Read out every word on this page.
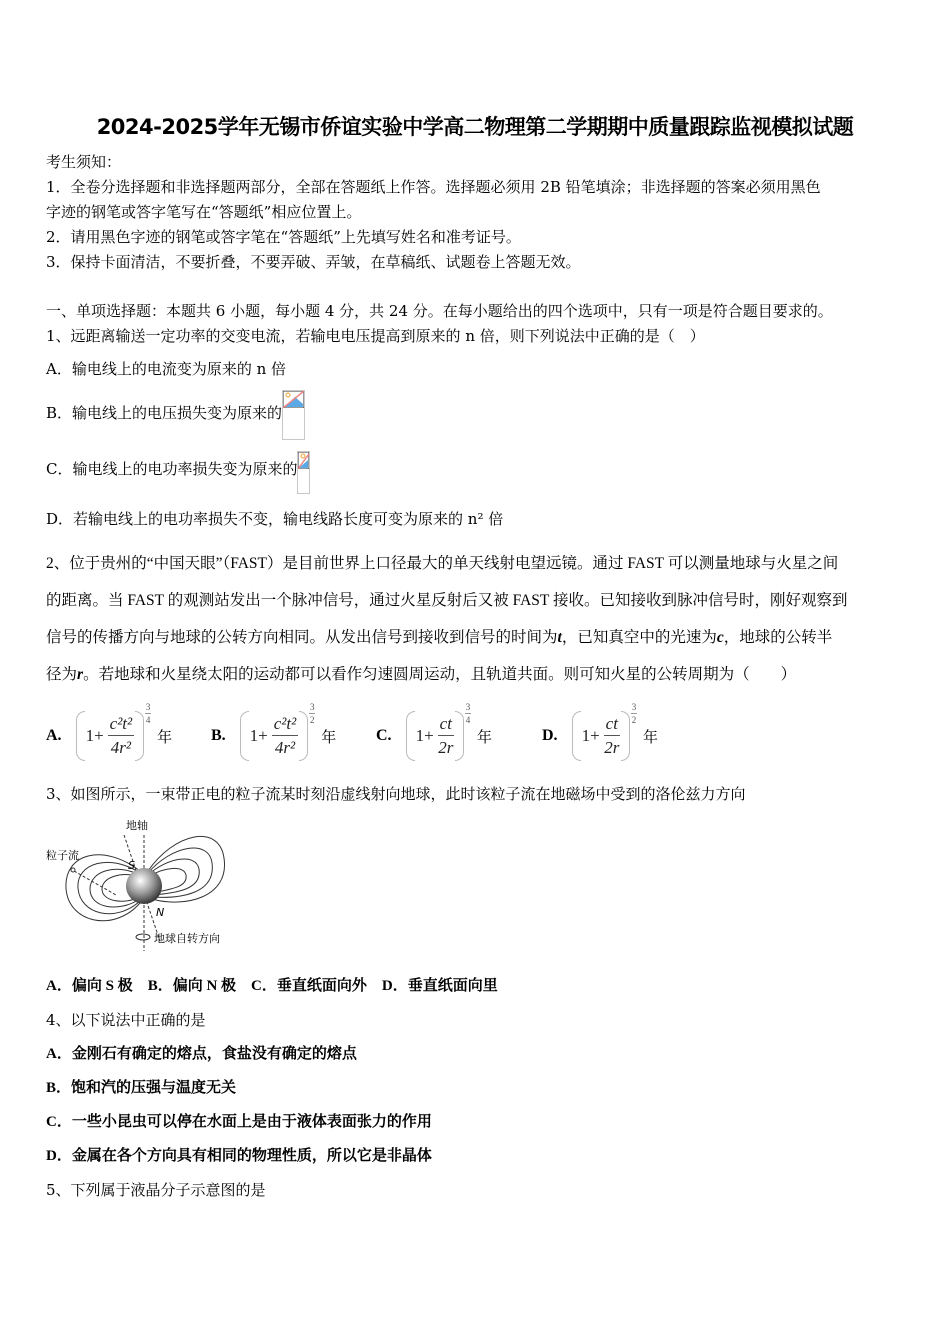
2024-2025学年无锡市侨谊实验中学高二物理第二学期期中质量跟踪监视模拟试题
考生须知：
1．全卷分选择题和非选择题两部分，全部在答题纸上作答。选择题必须用 2B 铅笔填涂；非选择题的答案必须用黑色
字迹的钢笔或答字笔写在“答题纸”相应位置上。
2．请用黑色字迹的钢笔或答字笔在“答题纸”上先填写姓名和准考证号。
3．保持卡面清洁，不要折叠，不要弄破、弄皱，在草稿纸、试题卷上答题无效。
一、单项选择题：本题共 6 小题，每小题 4 分，共 24 分。在每小题给出的四个选项中，只有一项是符合题目要求的。
1、远距离输送一定功率的交变电流，若输电电压提高到原来的 n 倍，则下列说法中正确的是（　）
A．输电线上的电流变为原来的 n 倍
B．输电线上的电压损失变为原来的
C．输电线上的电功率损失变为原来的
D．若输电线上的电功率损失不变，输电线路长度可变为原来的 n² 倍
2、位于贵州的“中国天眼”（FAST）是目前世界上口径最大的单天线射电望远镜。通过 FAST 可以测量地球与火星之间
的距离。当 FAST 的观测站发出一个脉冲信号，通过火星反射后又被 FAST 接收。已知接收到脉冲信号时，刚好观察到
信号的传播方向与地球的公转方向相同。从发出信号到接收到信号的时间为t，已知真空中的光速为c，地球的公转半
径为r。若地球和火星绕太阳的运动都可以看作匀速圆周运动，且轨道共面。则可知火星的公转周期为（　　）
A. $1+ \frac{\text{c²t²}}{\text{4r²}}$
3
4
年 B. $1+ \frac{\text{c²t²}}{\text{4r²}}$
3
2
年 C. $1+ \frac{ct}{2r}$
3
4
年	D. $1+ \frac{ct}{2r}$
3
2
年
3、如图所示，一束带正电的粒子流某时刻沿虚线射向地球，此时该粒子流在地磁场中受到的洛伦兹力方向
地轴
粒子流
S
N
地球自转方向
A．偏向 S 极  B．偏向 N 极  C．垂直纸面向外  D．垂直纸面向里
4、以下说法中正确的是
A．金刚石有确定的熔点，食盐没有确定的熔点
B．饱和汽的压强与温度无关
C．一些小昆虫可以停在水面上是由于液体表面张力的作用
D．金属在各个方向具有相同的物理性质，所以它是非晶体
5、下列属于液晶分子示意图的是
